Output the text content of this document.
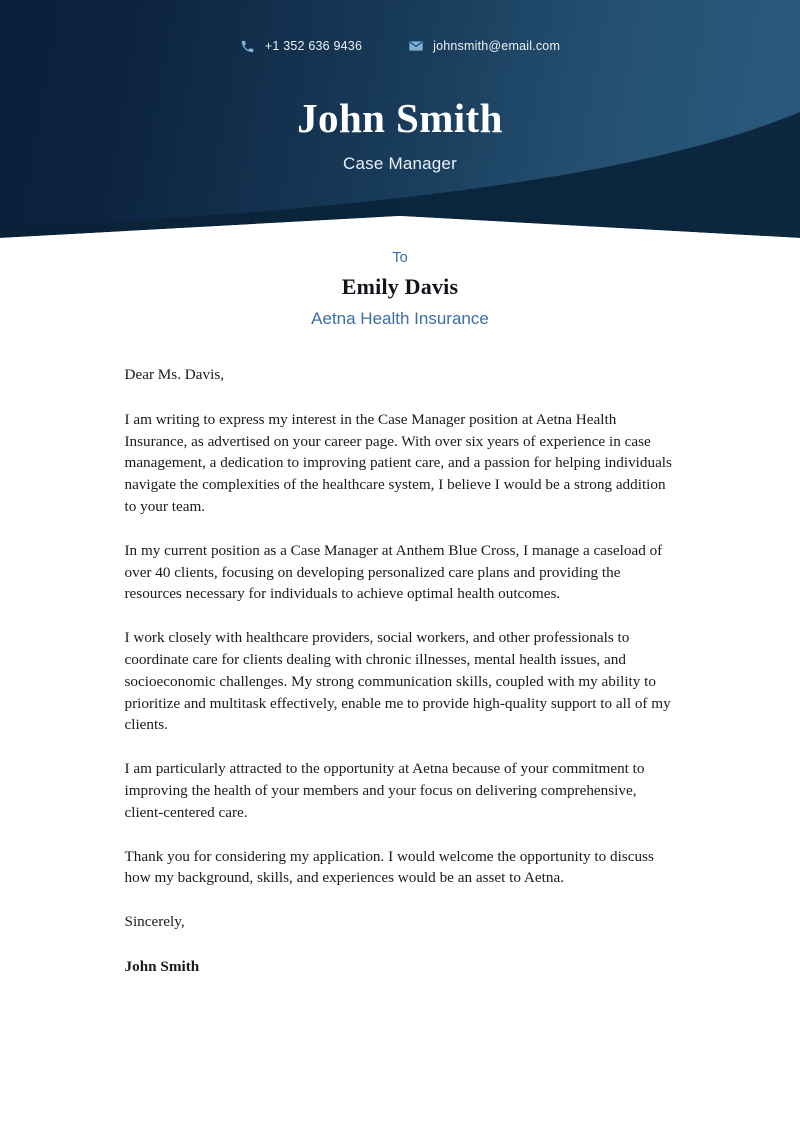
+1 352 636 9436	johnsmith@email.com
John Smith
Case Manager
To
Emily Davis
Aetna Health Insurance

Dear Ms. Davis,

I am writing to express my interest in the Case Manager position at Aetna Health Insurance, as advertised on your career page. With over six years of experience in case management, a dedication to improving patient care, and a passion for helping individuals navigate the complexities of the healthcare system, I believe I would be a strong addition to your team.

In my current position as a Case Manager at Anthem Blue Cross, I manage a caseload of over 40 clients, focusing on developing personalized care plans and providing the resources necessary for individuals to achieve optimal health outcomes.

I work closely with healthcare providers, social workers, and other professionals to coordinate care for clients dealing with chronic illnesses, mental health issues, and socioeconomic challenges. My strong communication skills, coupled with my ability to prioritize and multitask effectively, enable me to provide high-quality support to all of my clients.

I am particularly attracted to the opportunity at Aetna because of your commitment to improving the health of your members and your focus on delivering comprehensive, client-centered care.

Thank you for considering my application. I would welcome the opportunity to discuss how my background, skills, and experiences would be an asset to Aetna.

Sincerely,

John Smith
